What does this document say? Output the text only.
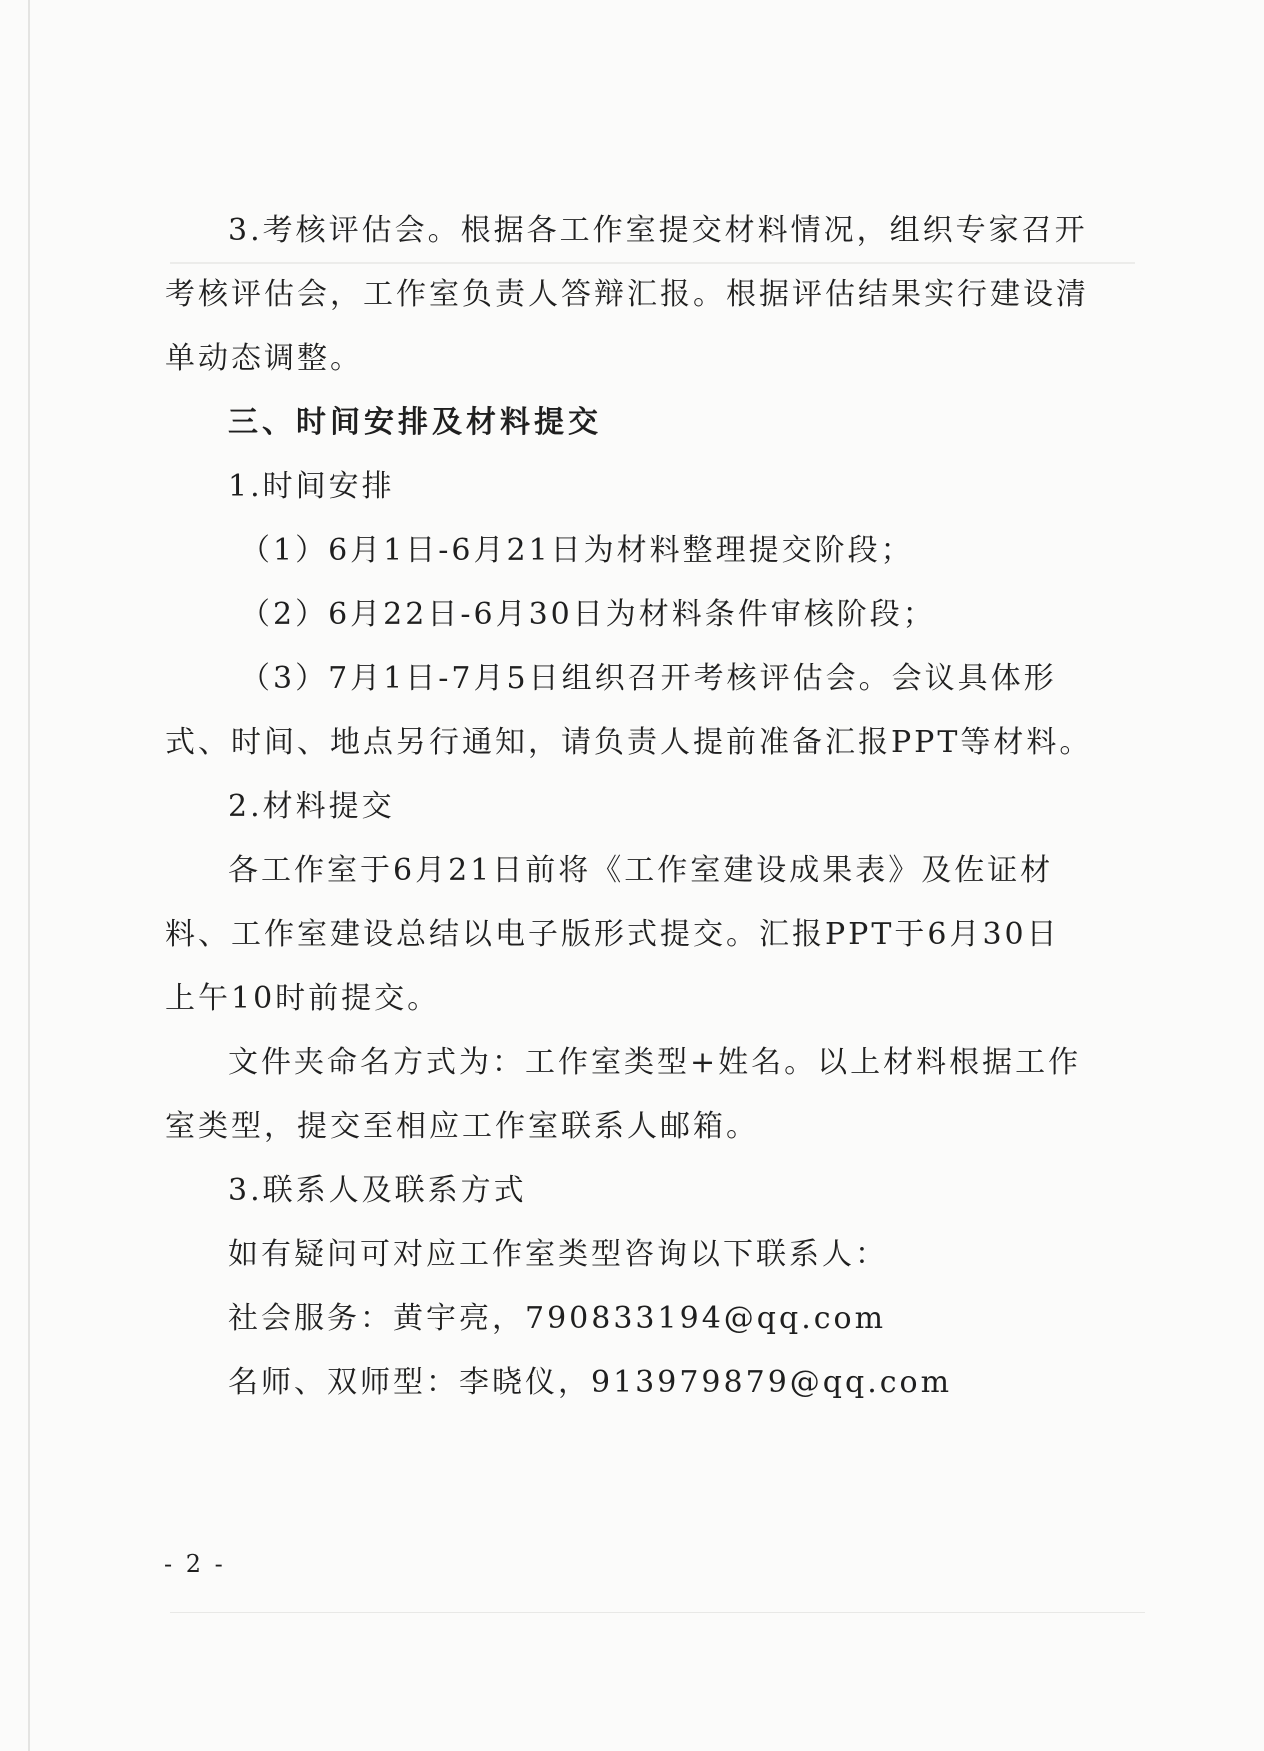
3.考核评估会。根据各工作室提交材料情况，组织专家召开
考核评估会，工作室负责人答辩汇报。根据评估结果实行建设清
单动态调整。
三、时间安排及材料提交
1.时间安排
（1）6月1日-6月21日为材料整理提交阶段；
（2）6月22日-6月30日为材料条件审核阶段；
（3）7月1日-7月5日组织召开考核评估会。会议具体形
式、时间、地点另行通知，请负责人提前准备汇报PPT等材料。
2.材料提交
各工作室于6月21日前将《工作室建设成果表》及佐证材
料、工作室建设总结以电子版形式提交。汇报PPT于6月30日
上午10时前提交。
文件夹命名方式为：工作室类型+姓名。以上材料根据工作
室类型，提交至相应工作室联系人邮箱。
3.联系人及联系方式
如有疑问可对应工作室类型咨询以下联系人：
社会服务：黄宇亮，790833194@qq.com
名师、双师型：李晓仪，913979879@qq.com
- 2 -
